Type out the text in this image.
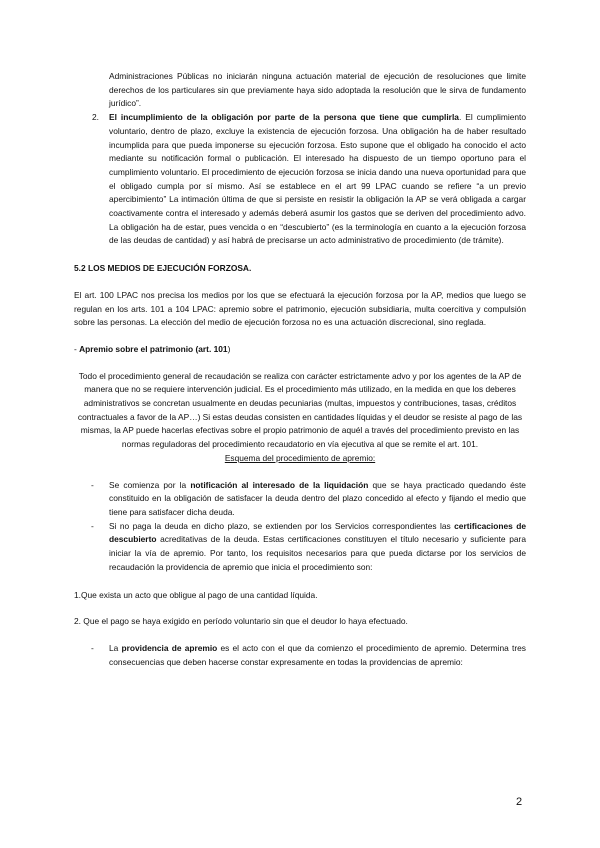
Administraciones Públicas no iniciarán ninguna actuación material de ejecución de resoluciones que limite derechos de los particulares sin que previamente haya sido adoptada la resolución que le sirva de fundamento jurídico”.

2. El incumplimiento de la obligación por parte de la persona que tiene que cumplirla. El cumplimiento voluntario, dentro de plazo, excluye la existencia de ejecución forzosa. Una obligación ha de haber resultado incumplida para que pueda imponerse su ejecución forzosa. Esto supone que el obligado ha conocido el acto mediante su notificación formal o publicación. El interesado ha dispuesto de un tiempo oportuno para el cumplimiento voluntario. El procedimiento de ejecución forzosa se inicia dando una nueva oportunidad para que el obligado cumpla por sí mismo. Así se establece en el art 99 LPAC cuando se refiere “a un previo apercibimiento” La intimación última de que si persiste en resistir la obligación la AP se verá obligada a cargar coactivamente contra el interesado y además deberá asumir los gastos que se deriven del procedimiento advo. La obligación ha de estar, pues vencida o en “descubierto” (es la terminología en cuanto a la ejecución forzosa de las deudas de cantidad) y así habrá de precisarse un acto administrativo de procedimiento (de trámite).

5.2 LOS MEDIOS DE EJECUCIÓN FORZOSA.

El art. 100 LPAC nos precisa los medios por los que se efectuará la ejecución forzosa por la AP, medios que luego se regulan en los arts. 101 a 104 LPAC: apremio sobre el patrimonio, ejecución subsidiaria, multa coercitiva y compulsión sobre las personas. La elección del medio de ejecución forzosa no es una actuación discrecional, sino reglada.

- Apremio sobre el patrimonio (art. 101)

Todo el procedimiento general de recaudación se realiza con carácter estrictamente advo y por los agentes de la AP de manera que no se requiere intervención judicial. Es el procedimiento más utilizado, en la medida en que los deberes administrativos se concretan usualmente en deudas pecuniarias (multas, impuestos y contribuciones, tasas, créditos contractuales a favor de la AP…) Si estas deudas consisten en cantidades líquidas y el deudor se resiste al pago de las mismas, la AP puede hacerlas efectivas sobre el propio patrimonio de aquél a través del procedimiento previsto en las normas reguladoras del procedimiento recaudatorio en vía ejecutiva al que se remite el art. 101.

Esquema del procedimiento de apremio:

- Se comienza por la notificación al interesado de la liquidación que se haya practicado quedando éste constituido en la obligación de satisfacer la deuda dentro del plazo concedido al efecto y fijando el medio que tiene para satisfacer dicha deuda.

- Si no paga la deuda en dicho plazo, se extienden por los Servicios correspondientes las certificaciones de descubierto acreditativas de la deuda. Estas certificaciones constituyen el título necesario y suficiente para iniciar la vía de apremio. Por tanto, los requisitos necesarios para que pueda dictarse por los servicios de recaudación la providencia de apremio que inicia el procedimiento son:

1.Que exista un acto que obligue al pago de una cantidad líquida.

2. Que el pago se haya exigido en período voluntario sin que el deudor lo haya efectuado.

- La providencia de apremio es el acto con el que da comienzo el procedimiento de apremio. Determina tres consecuencias que deben hacerse constar expresamente en todas la providencias de apremio:

2
